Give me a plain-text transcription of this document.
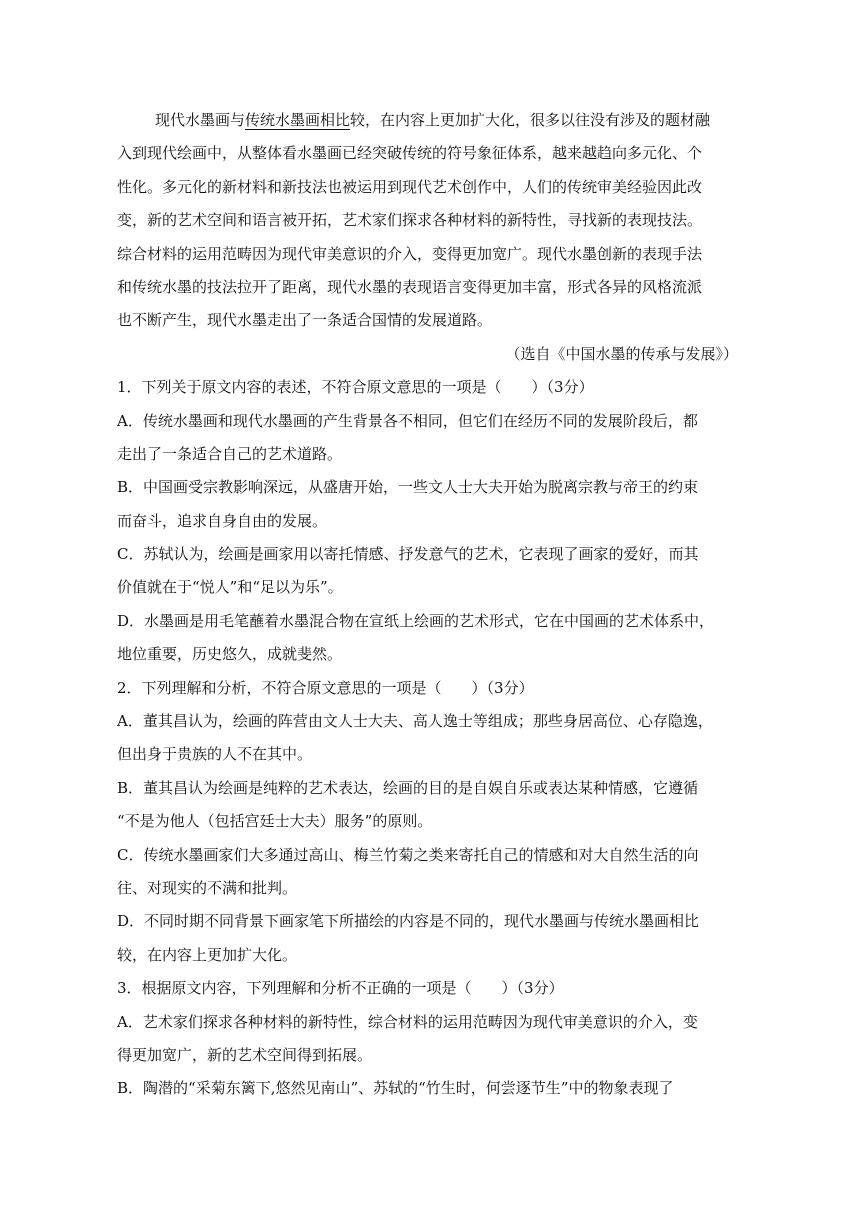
现代水墨画与传统水墨画相比较，在内容上更加扩大化，很多以往没有涉及的题材融
入到现代绘画中，从整体看水墨画已经突破传统的符号象征体系，越来越趋向多元化、个
性化。多元化的新材料和新技法也被运用到现代艺术创作中，人们的传统审美经验因此改
变，新的艺术空间和语言被开拓，艺术家们探求各种材料的新特性，寻找新的表现技法。
综合材料的运用范畴因为现代审美意识的介入，变得更加宽广。现代水墨创新的表现手法
和传统水墨的技法拉开了距离，现代水墨的表现语言变得更加丰富，形式各异的风格流派
也不断产生，现代水墨走出了一条适合国情的发展道路。
（选自《中国水墨的传承与发展》）
1．下列关于原文内容的表述，不符合原文意思的一项是（　　）（3分）
A．传统水墨画和现代水墨画的产生背景各不相同，但它们在经历不同的发展阶段后，都
走出了一条适合自己的艺术道路。
B．中国画受宗教影响深远，从盛唐开始，一些文人士大夫开始为脱离宗教与帝王的约束
而奋斗，追求自身自由的发展。
C．苏轼认为，绘画是画家用以寄托情感、抒发意气的艺术，它表现了画家的爱好，而其
价值就在于“悦人”和“足以为乐”。
D．水墨画是用毛笔蘸着水墨混合物在宣纸上绘画的艺术形式，它在中国画的艺术体系中，
地位重要，历史悠久，成就斐然。
2．下列理解和分析，不符合原文意思的一项是（　　）（3分）
A．董其昌认为，绘画的阵营由文人士大夫、高人逸士等组成；那些身居高位、心存隐逸，
但出身于贵族的人不在其中。
B．董其昌认为绘画是纯粹的艺术表达，绘画的目的是自娱自乐或表达某种情感，它遵循
“不是为他人（包括宫廷士大夫）服务”的原则。
C．传统水墨画家们大多通过高山、梅兰竹菊之类来寄托自己的情感和对大自然生活的向
往、对现实的不满和批判。
D．不同时期不同背景下画家笔下所描绘的内容是不同的，现代水墨画与传统水墨画相比
较，在内容上更加扩大化。
3．根据原文内容，下列理解和分析不正确的一项是（　　）（3分）
A．艺术家们探求各种材料的新特性，综合材料的运用范畴因为现代审美意识的介入，变
得更加宽广，新的艺术空间得到拓展。
B．陶潜的“采菊东篱下,悠然见南山”、苏轼的“竹生时，何尝逐节生”中的物象表现了
